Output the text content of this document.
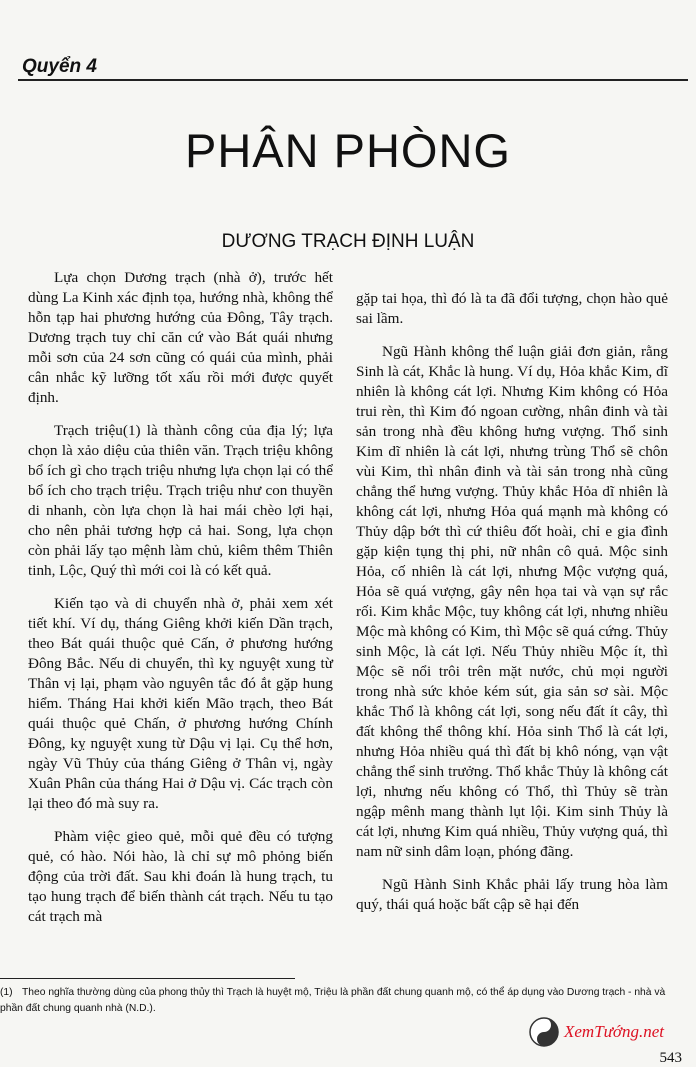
Quyển 4
PHÂN PHÒNG
DƯƠNG TRẠCH ĐỊNH LUẬN

Lựa chọn Dương trạch (nhà ở), trước hết dùng La Kinh xác định tọa, hướng nhà, không thể hỗn tạp hai phương hướng của Đông, Tây trạch. Dương trạch tuy chỉ căn cứ vào Bát quái nhưng mỗi sơn của 24 sơn cũng có quái của mình, phải cân nhắc kỹ lưỡng tốt xấu rồi mới được quyết định.

Trạch triệu(1) là thành công của địa lý; lựa chọn là xảo diệu của thiên văn. Trạch triệu không bổ ích gì cho trạch triệu nhưng lựa chọn lại có thể bổ ích cho trạch triệu. Trạch triệu như con thuyền di nhanh, còn lựa chọn là hai mái chèo lợi hại, cho nên phải tương hợp cả hai. Song, lựa chọn còn phải lấy tạo mệnh làm chủ, kiêm thêm Thiên tinh, Lộc, Quý thì mới coi là có kết quả.

Kiến tạo và di chuyển nhà ở, phải xem xét tiết khí. Ví dụ, tháng Giêng khởi kiến Dần trạch, theo Bát quái thuộc quẻ Cấn, ở phương hướng Đông Bắc. Nếu di chuyển, thì kỵ nguyệt xung từ Thân vị lại, phạm vào nguyên tắc đó ắt gặp hung hiểm. Tháng Hai khởi kiến Mão trạch, theo Bát quái thuộc quẻ Chấn, ở phương hướng Chính Đông, kỵ nguyệt xung từ Dậu vị lại. Cụ thể hơn, ngày Vũ Thủy của tháng Giêng ở Thân vị, ngày Xuân Phân của tháng Hai ở Dậu vị. Các trạch còn lại theo đó mà suy ra.

Phàm việc gieo quẻ, mỗi quẻ đều có tượng quẻ, có hào. Nói hào, là chỉ sự mô phỏng biến động của trời đất. Sau khi đoán là hung trạch, tu tạo hung trạch để biến thành cát trạch. Nếu tu tạo cát trạch mà

gặp tai họa, thì đó là ta đã đổi tượng, chọn hào quẻ sai lầm.

Ngũ Hành không thể luận giải đơn giản, rằng Sinh là cát, Khắc là hung. Ví dụ, Hỏa khắc Kim, dĩ nhiên là không cát lợi. Nhưng Kim không có Hỏa trui rèn, thì Kim đó ngoan cường, nhân đinh và tài sản trong nhà đều không hưng vượng. Thổ sinh Kim dĩ nhiên là cát lợi, nhưng trùng Thổ sẽ chôn vùi Kim, thì nhân đinh và tài sản trong nhà cũng chẳng thể hưng vượng. Thủy khắc Hỏa dĩ nhiên là không cát lợi, nhưng Hỏa quá mạnh mà không có Thủy dập bớt thì cứ thiêu đốt hoài, chỉ e gia đình gặp kiện tụng thị phi, nữ nhân cô quả. Mộc sinh Hỏa, cố nhiên là cát lợi, nhưng Mộc vượng quá, Hỏa sẽ quá vượng, gây nên họa tai và vạn sự rắc rối. Kim khắc Mộc, tuy không cát lợi, nhưng nhiều Mộc mà không có Kim, thì Mộc sẽ quá cứng. Thủy sinh Mộc, là cát lợi. Nếu Thủy nhiều Mộc ít, thì Mộc sẽ nổi trôi trên mặt nước, chủ mọi người trong nhà sức khỏe kém sút, gia sản sơ sài. Mộc khắc Thổ là không cát lợi, song nếu đất ít cây, thì đất không thể thông khí. Hỏa sinh Thổ là cát lợi, nhưng Hỏa nhiều quá thì đất bị khô nóng, vạn vật chẳng thể sinh trưởng. Thổ khắc Thủy là không cát lợi, nhưng nếu không có Thổ, thì Thủy sẽ tràn ngập mênh mang thành lụt lội. Kim sinh Thủy là cát lợi, nhưng Kim quá nhiều, Thủy vượng quá, thì nam nữ sinh dâm loạn, phóng đãng.

Ngũ Hành Sinh Khắc phải lấy trung hòa làm quý, thái quá hoặc bất cập sẽ hại đến

(1) Theo nghĩa thường dùng của phong thủy thì Trạch là huyệt mộ, Triệu là phần đất chung quanh mộ, có thể áp dụng vào Dương trạch - nhà và phần đất chung quanh nhà (N.D.).
XemTướng.net
543
